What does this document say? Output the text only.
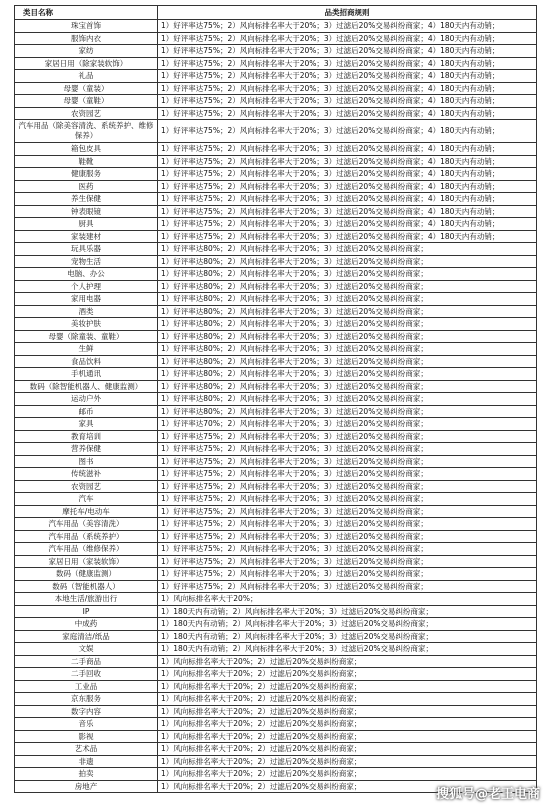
类目名称	品类招商规则
珠宝首饰	1）好评率达75%；2）风向标排名率大于20%；3）过滤后20%交易纠纷商家；4）180天内有动销；
服饰内衣	1）好评率达75%；2）风向标排名率大于20%；3）过滤后20%交易纠纷商家；4）180天内有动销；
家纺	1）好评率达75%；2）风向标排名率大于20%；3）过滤后20%交易纠纷商家；4）180天内有动销；
家居日用（除家装软饰）	1）好评率达75%；2）风向标排名率大于20%；3）过滤后20%交易纠纷商家；4）180天内有动销；
礼品	1）好评率达75%；2）风向标排名率大于20%；3）过滤后20%交易纠纷商家；4）180天内有动销；
母婴（童装）	1）好评率达75%；2）风向标排名率大于20%；3）过滤后20%交易纠纷商家；4）180天内有动销；
母婴（童鞋）	1）好评率达75%；2）风向标排名率大于20%；3）过滤后20%交易纠纷商家；4）180天内有动销；
农资园艺	1）好评率达75%；2）风向标排名率大于20%；3）过滤后20%交易纠纷商家；4）180天内有动销；
汽车用品（除美容清洗、系统养护、维修保养）	1）好评率达75%；2）风向标排名率大于20%；3）过滤后20%交易纠纷商家；4）180天内有动销；
箱包皮具	1）好评率达75%；2）风向标排名率大于20%；3）过滤后20%交易纠纷商家；4）180天内有动销；
鞋靴	1）好评率达75%；2）风向标排名率大于20%；3）过滤后20%交易纠纷商家；4）180天内有动销；
健康服务	1）好评率达75%；2）风向标排名率大于20%；3）过滤后20%交易纠纷商家；4）180天内有动销；
医药	1）好评率达75%；2）风向标排名率大于20%；3）过滤后20%交易纠纷商家；4）180天内有动销；
养生保健	1）好评率达75%；2）风向标排名率大于20%；3）过滤后20%交易纠纷商家；4）180天内有动销；
钟表眼镜	1）好评率达75%；2）风向标排名率大于20%；3）过滤后20%交易纠纷商家；4）180天内有动销；
厨具	1）好评率达75%；2）风向标排名率大于20%；3）过滤后20%交易纠纷商家；4）180天内有动销；
家装建材	1）好评率达75%；2）风向标排名率大于20%；3）过滤后20%交易纠纷商家；4）180天内有动销；
玩具乐器	1）好评率达80%；2）风向标排名率大于20%；3）过滤后20%交易纠纷商家；
宠物生活	1）好评率达80%；2）风向标排名率大于20%；3）过滤后20%交易纠纷商家；
电脑、办公	1）好评率达80%；2）风向标排名率大于20%；3）过滤后20%交易纠纷商家；
个人护理	1）好评率达80%；2）风向标排名率大于20%；3）过滤后20%交易纠纷商家；
家用电器	1）好评率达80%；2）风向标排名率大于20%；3）过滤后20%交易纠纷商家；
酒类	1）好评率达80%；2）风向标排名率大于20%；3）过滤后20%交易纠纷商家；
美妆护肤	1）好评率达80%；2）风向标排名率大于20%；3）过滤后20%交易纠纷商家；
母婴（除童装、童鞋）	1）好评率达80%；2）风向标排名率大于20%；3）过滤后20%交易纠纷商家；
生鲜	1）好评率达80%；2）风向标排名率大于20%；3）过滤后20%交易纠纷商家；
食品饮料	1）好评率达80%；2）风向标排名率大于20%；3）过滤后20%交易纠纷商家；
手机通讯	1）好评率达80%；2）风向标排名率大于20%；3）过滤后20%交易纠纷商家；
数码（除智能机器人、健康监测）	1）好评率达80%；2）风向标排名率大于20%；3）过滤后20%交易纠纷商家；
运动户外	1）好评率达80%；2）风向标排名率大于20%；3）过滤后20%交易纠纷商家；
邮币	1）好评率达80%；2）风向标排名率大于20%；3）过滤后20%交易纠纷商家；
家具	1）好评率达70%；2）风向标排名率大于20%；3）过滤后20%交易纠纷商家；
教育培训	1）好评率达75%；2）风向标排名率大于20%；3）过滤后20%交易纠纷商家；
营养保健	1）好评率达75%；2）风向标排名率大于20%；3）过滤后20%交易纠纷商家；
图书	1）好评率达75%；2）风向标排名率大于20%；3）过滤后20%交易纠纷商家；
传统滋补	1）好评率达75%；2）风向标排名率大于20%；3）过滤后20%交易纠纷商家；
农资园艺	1）好评率达75%；2）风向标排名率大于20%；3）过滤后20%交易纠纷商家；
汽车	1）好评率达75%；2）风向标排名率大于20%；3）过滤后20%交易纠纷商家；
摩托车/电动车	1）好评率达75%；2）风向标排名率大于20%；3）过滤后20%交易纠纷商家；
汽车用品（美容清洗）	1）好评率达75%；2）风向标排名率大于20%；3）过滤后20%交易纠纷商家；
汽车用品（系统养护）	1）好评率达75%；2）风向标排名率大于20%；3）过滤后20%交易纠纷商家；
汽车用品（维修保养）	1）好评率达75%；2）风向标排名率大于20%；3）过滤后20%交易纠纷商家；
家居日用（家装软饰）	1）好评率达75%；2）风向标排名率大于20%；3）过滤后20%交易纠纷商家；
数码（健康监测）	1）好评率达75%；2）风向标排名率大于20%；3）过滤后20%交易纠纷商家；
数码（智能机器人）	1）好评率达75%；2）风向标排名率大于20%；3）过滤后20%交易纠纷商家；
本地生活/旅游出行	1）风向标排名率大于20%；
IP	1）180天内有动销；2）风向标排名率大于20%；3）过滤后20%交易纠纷商家；
中成药	1）180天内有动销；2）风向标排名率大于20%；3）过滤后20%交易纠纷商家；
家庭清洁/纸品	1）180天内有动销；2）风向标排名率大于20%；3）过滤后20%交易纠纷商家；
文娱	1）180天内有动销；2）风向标排名率大于20%；3）过滤后20%交易纠纷商家；
二手商品	1）风向标排名率大于20%；2）过滤后20%交易纠纷商家；
二手回收	1）风向标排名率大于20%；2）过滤后20%交易纠纷商家；
工业品	1）风向标排名率大于20%；2）过滤后20%交易纠纷商家；
京东服务	1）风向标排名率大于20%；2）过滤后20%交易纠纷商家；
数字内容	1）风向标排名率大于20%；2）过滤后20%交易纠纷商家；
音乐	1）风向标排名率大于20%；2）过滤后20%交易纠纷商家；
影视	1）风向标排名率大于20%；2）过滤后20%交易纠纷商家；
艺术品	1）风向标排名率大于20%；2）过滤后20%交易纠纷商家；
非遗	1）风向标排名率大于20%；2）过滤后20%交易纠纷商家；
拍卖	1）风向标排名率大于20%；2）过滤后20%交易纠纷商家；
房地产	1）风向标排名率大于20%；2）过滤后20%交易纠纷商家；
搜狐号@老王电商
